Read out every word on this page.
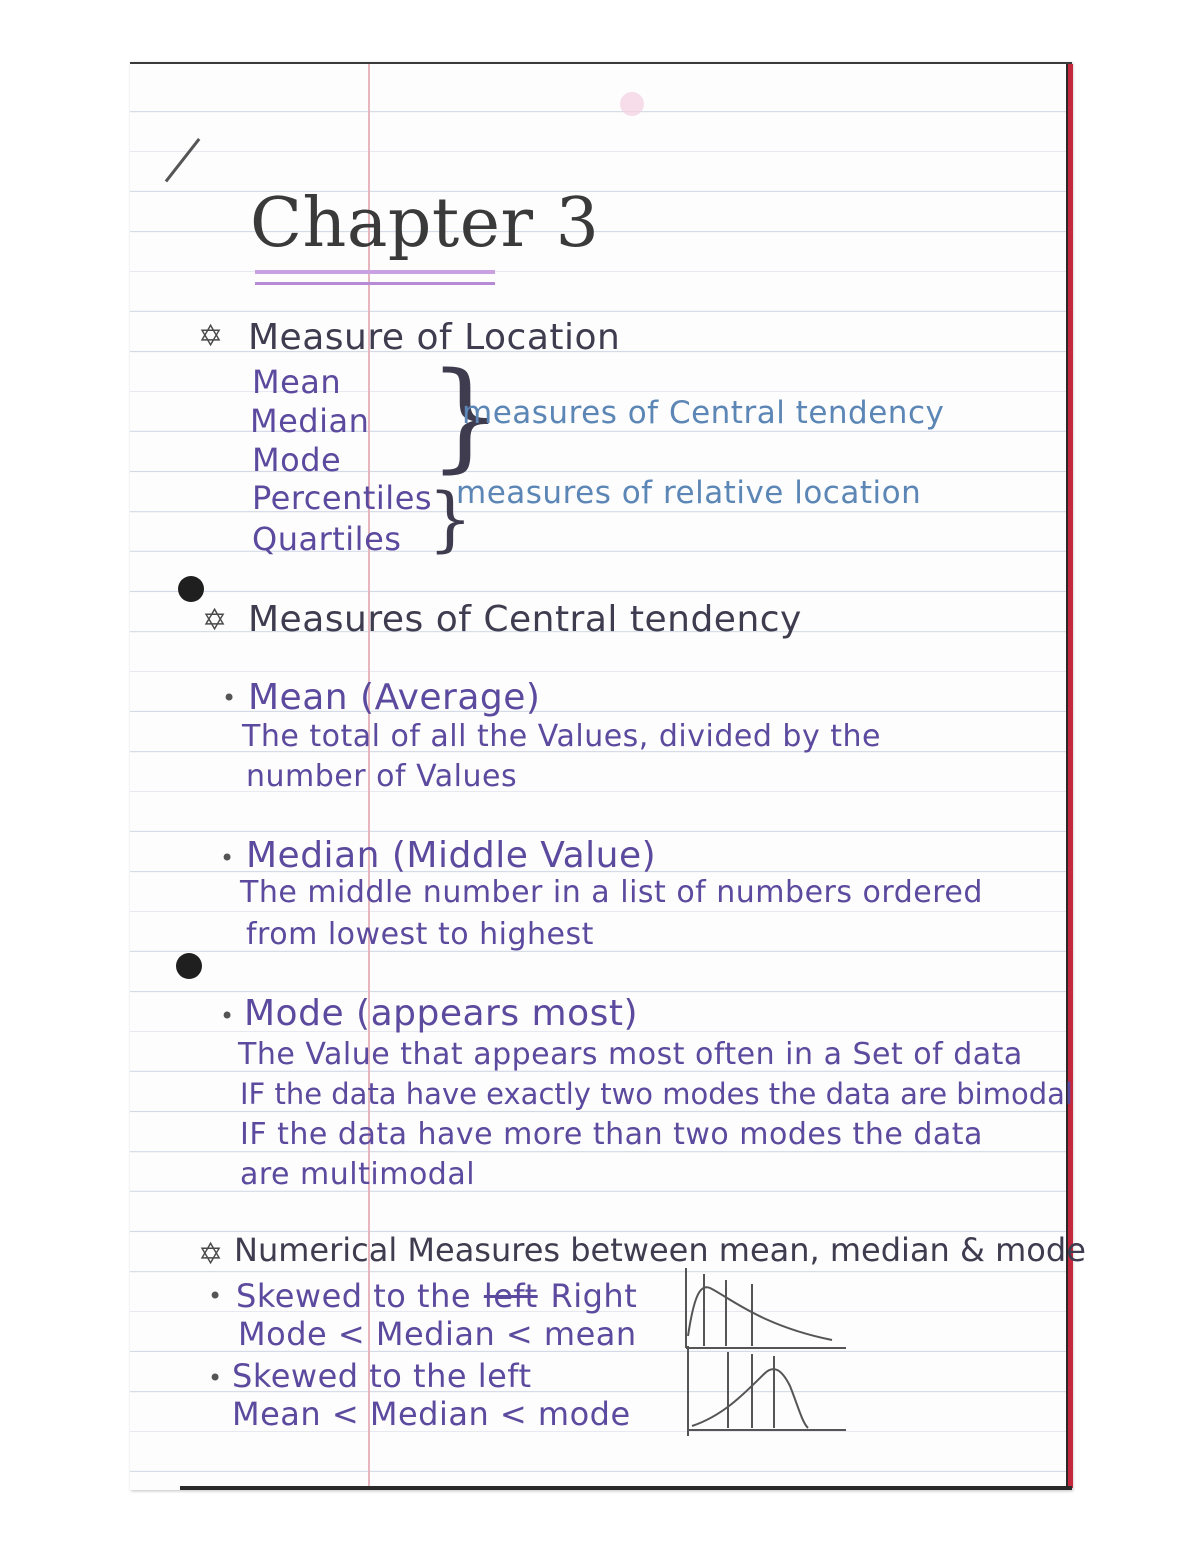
Chapter 3
✡ Measure of Location
Mean
Median
Mode
Percentiles
Quartiles
}
}
measures of Central tendency
measures of relative location
✡ Measures of Central tendency
• Mean (Average)
The total of all the Values, divided by the
number of Values
• Median (Middle Value)
The middle number in a list of numbers ordered
from lowest to highest
• Mode (appears most)
The Value that appears most often in a Set of data
IF the data have exactly two modes the data are bimodal
IF the data have more than two modes the data
are multimodal
✡ Numerical Measures between mean, median & mode
• Skewed to the left Right
Mode < Median < mean
• Skewed to the left
Mean < Median < mode
